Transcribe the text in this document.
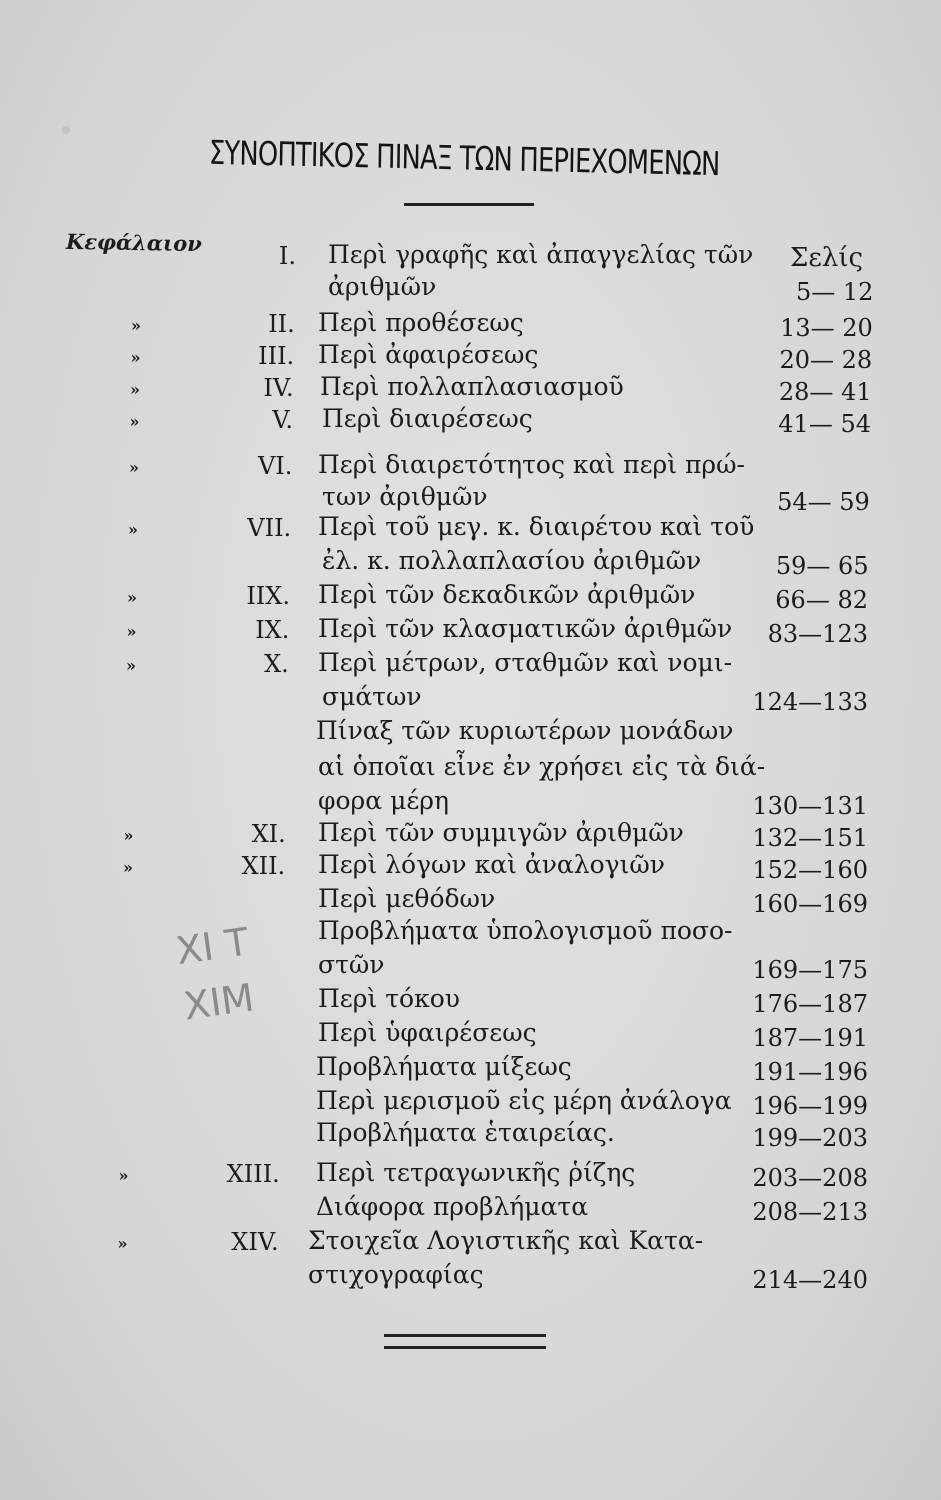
ΣΥΝΟΠΤΙΚΟΣ ΠΙΝΑΞ ΤΩΝ ΠΕΡΙΕΧΟΜΕΝΩΝ
Κεφάλαιον
Σελίς
I. Περὶ γραφῆς καὶ ἀπαγγελίας τῶν
ἀριθμῶν	5— 12
»	II. Περὶ προθέσεως	13— 20
»	III. Περὶ ἀφαιρέσεως	20— 28
»	IV. Περὶ πολλαπλασιασμοῦ	28— 41
»	V. Περὶ διαιρέσεως	41— 54
»	VI. Περὶ διαιρετότητος καὶ περὶ πρώ-
των ἀριθμῶν	54— 59
»	VII. Περὶ τοῦ μεγ. κ. διαιρέτου καὶ τοῦ
ἐλ. κ. πολλαπλασίου ἀριθμῶν	59— 65
»	IIX. Περὶ τῶν δεκαδικῶν ἀριθμῶν	66— 82
»	IX. Περὶ τῶν κλασματικῶν ἀριθμῶν	83—123
»	X. Περὶ μέτρων, σταθμῶν καὶ νομι-
σμάτων	124—133
Πίναξ τῶν κυριωτέρων μονάδων
αἱ ὁποῖαι εἶνε ἐν χρήσει εἰς τὰ διά-
φορα μέρη	130—131
»	XI. Περὶ τῶν συμμιγῶν ἀριθμῶν	132—151
»	XII. Περὶ λόγων καὶ ἀναλογιῶν	152—160
Περὶ μεθόδων	160—169
Προβλήματα ὑπολογισμοῦ ποσο-
στῶν	169—175
Περὶ τόκου	176—187
Περὶ ὑφαιρέσεως	187—191
Προβλήματα μίξεως	191—196
Περὶ μερισμοῦ εἰς μέρη ἀνάλογα 196—199
Προβλήματα ἑταιρείας.	199—203
»	XIII. Περὶ τετραγωνικῆς ῥίζης	203—208
Διάφορα προβλήματα	208—213
»	XIV. Στοιχεῖα Λογιστικῆς καὶ Κατα-
στιχογραφίας	214—240
ΧΙ Τ
ΧΙΜ
